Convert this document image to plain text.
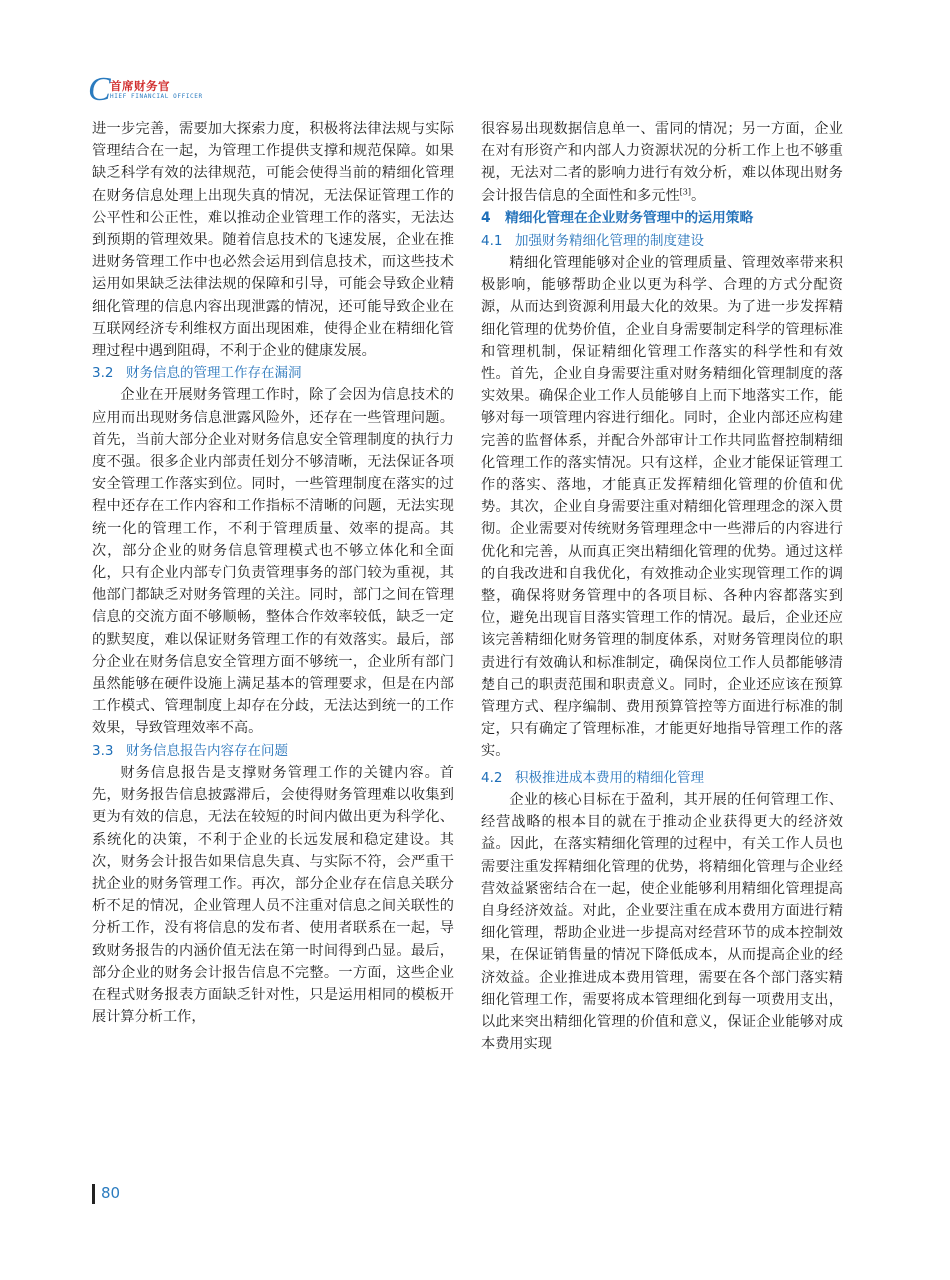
C 首席财务官
HIEF FINANCIAL OFFICER

进一步完善，需要加大探索力度，积极将法律法规与实际管理结合在一起，为管理工作提供支撑和规范保障。如果缺乏科学有效的法律规范，可能会使得当前的精细化管理在财务信息处理上出现失真的情况，无法保证管理工作的公平性和公正性，难以推动企业管理工作的落实，无法达到预期的管理效果。随着信息技术的飞速发展，企业在推进财务管理工作中也必然会运用到信息技术，而这些技术运用如果缺乏法律法规的保障和引导，可能会导致企业精细化管理的信息内容出现泄露的情况，还可能导致企业在互联网经济专利维权方面出现困难，使得企业在精细化管理过程中遇到阻碍，不利于企业的健康发展。

3.2 财务信息的管理工作存在漏洞

企业在开展财务管理工作时，除了会因为信息技术的应用而出现财务信息泄露风险外，还存在一些管理问题。首先，当前大部分企业对财务信息安全管理制度的执行力度不强。很多企业内部责任划分不够清晰，无法保证各项安全管理工作落实到位。同时，一些管理制度在落实的过程中还存在工作内容和工作指标不清晰的问题，无法实现统一化的管理工作，不利于管理质量、效率的提高。其次，部分企业的财务信息管理模式也不够立体化和全面化，只有企业内部专门负责管理事务的部门较为重视，其他部门都缺乏对财务管理的关注。同时，部门之间在管理信息的交流方面不够顺畅，整体合作效率较低，缺乏一定的默契度，难以保证财务管理工作的有效落实。最后，部分企业在财务信息安全管理方面不够统一，企业所有部门虽然能够在硬件设施上满足基本的管理要求，但是在内部工作模式、管理制度上却存在分歧，无法达到统一的工作效果，导致管理效率不高。

3.3 财务信息报告内容存在问题

财务信息报告是支撑财务管理工作的关键内容。首先，财务报告信息披露滞后，会使得财务管理难以收集到更为有效的信息，无法在较短的时间内做出更为科学化、系统化的决策，不利于企业的长远发展和稳定建设。其次，财务会计报告如果信息失真、与实际不符，会严重干扰企业的财务管理工作。再次，部分企业存在信息关联分析不足的情况，企业管理人员不注重对信息之间关联性的分析工作，没有将信息的发布者、使用者联系在一起，导致财务报告的内涵价值无法在第一时间得到凸显。最后，部分企业的财务会计报告信息不完整。一方面，这些企业在程式财务报表方面缺乏针对性，只是运用相同的模板开展计算分析工作，

很容易出现数据信息单一、雷同的情况；另一方面，企业在对有形资产和内部人力资源状况的分析工作上也不够重视，无法对二者的影响力进行有效分析，难以体现出财务会计报告信息的全面性和多元性[3]。

4 精细化管理在企业财务管理中的运用策略
4.1 加强财务精细化管理的制度建设

精细化管理能够对企业的管理质量、管理效率带来积极影响，能够帮助企业以更为科学、合理的方式分配资源，从而达到资源利用最大化的效果。为了进一步发挥精细化管理的优势价值，企业自身需要制定科学的管理标准和管理机制，保证精细化管理工作落实的科学性和有效性。首先，企业自身需要注重对财务精细化管理制度的落实效果。确保企业工作人员能够自上而下地落实工作，能够对每一项管理内容进行细化。同时，企业内部还应构建完善的监督体系，并配合外部审计工作共同监督控制精细化管理工作的落实情况。只有这样，企业才能保证管理工作的落实、落地，才能真正发挥精细化管理的价值和优势。其次，企业自身需要注重对精细化管理理念的深入贯彻。企业需要对传统财务管理理念中一些滞后的内容进行优化和完善，从而真正突出精细化管理的优势。通过这样的自我改进和自我优化，有效推动企业实现管理工作的调整，确保将财务管理中的各项目标、各种内容都落实到位，避免出现盲目落实管理工作的情况。最后，企业还应该完善精细化财务管理的制度体系，对财务管理岗位的职责进行有效确认和标准制定，确保岗位工作人员都能够清楚自己的职责范围和职责意义。同时，企业还应该在预算管理方式、程序编制、费用预算管控等方面进行标准的制定，只有确定了管理标准，才能更好地指导管理工作的落实。

4.2 积极推进成本费用的精细化管理

企业的核心目标在于盈利，其开展的任何管理工作、经营战略的根本目的就在于推动企业获得更大的经济效益。因此，在落实精细化管理的过程中，有关工作人员也需要注重发挥精细化管理的优势，将精细化管理与企业经营效益紧密结合在一起，使企业能够利用精细化管理提高自身经济效益。对此，企业要注重在成本费用方面进行精细化管理，帮助企业进一步提高对经营环节的成本控制效果，在保证销售量的情况下降低成本，从而提高企业的经济效益。企业推进成本费用管理，需要在各个部门落实精细化管理工作，需要将成本管理细化到每一项费用支出，以此来突出精细化管理的价值和意义，保证企业能够对成本费用实现

80
